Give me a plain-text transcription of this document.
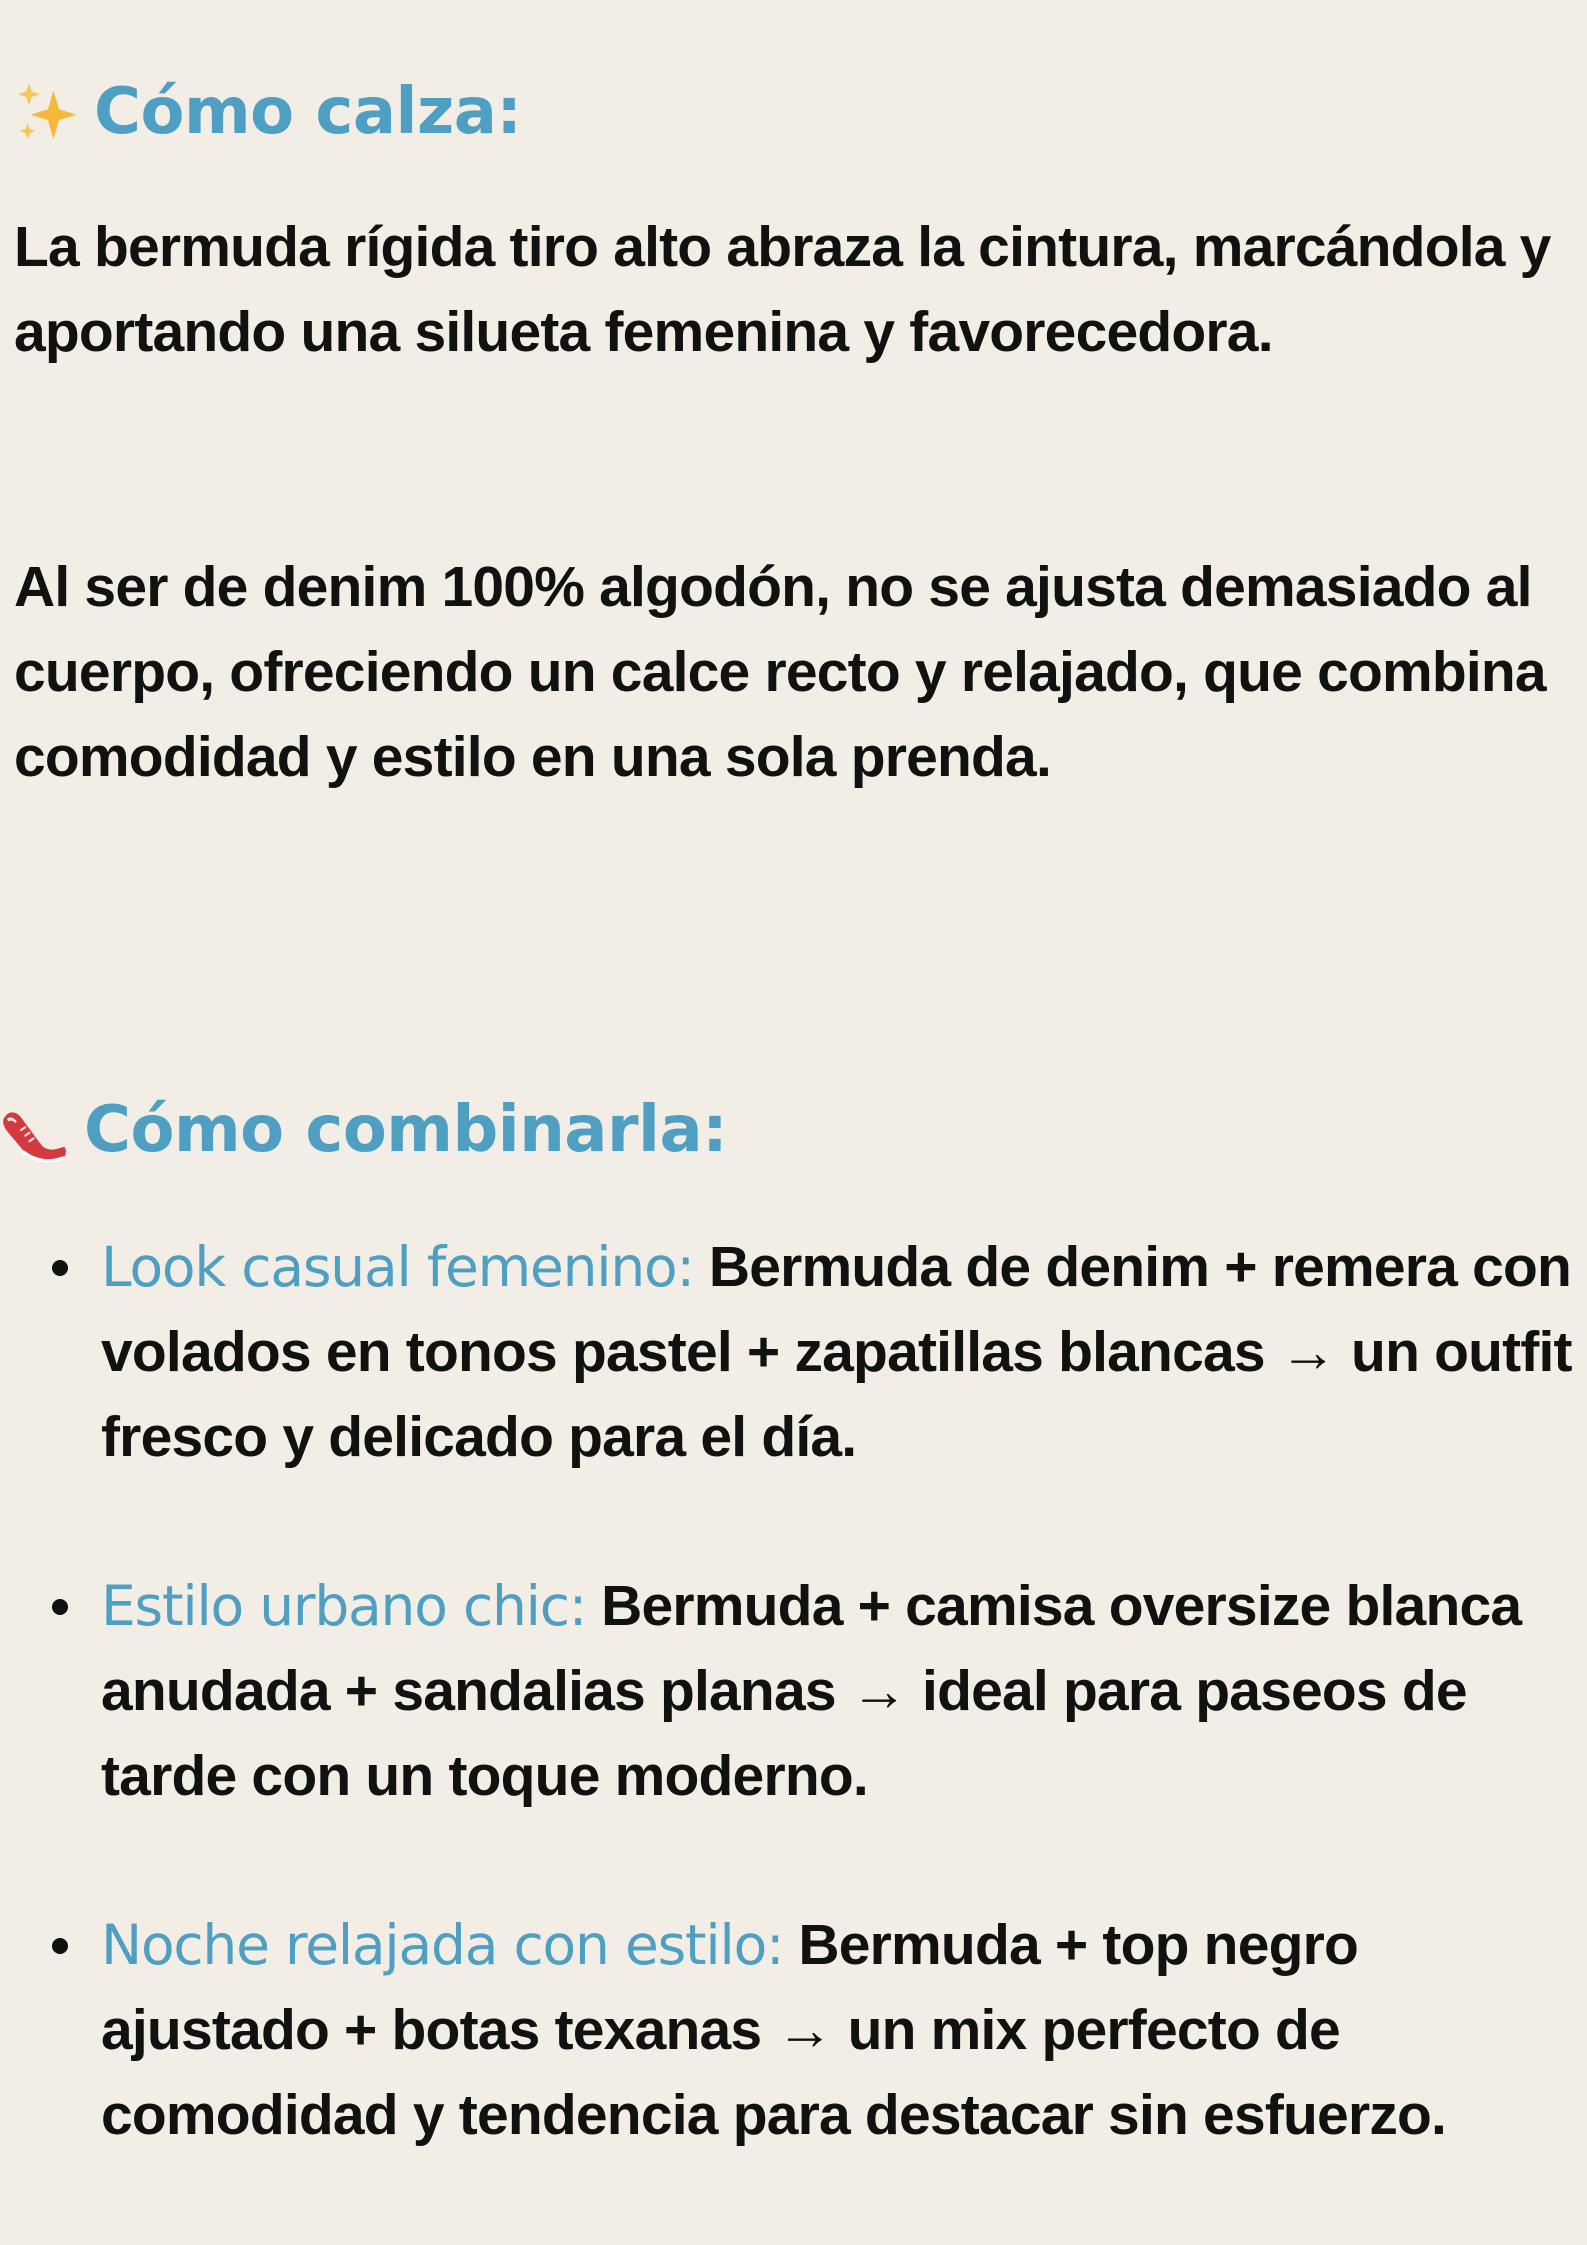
Cómo calza:

La bermuda rígida tiro alto abraza la cintura, marcándola y aportando una silueta femenina y favorecedora.

Al ser de denim 100% algodón, no se ajusta demasiado al cuerpo, ofreciendo un calce recto y relajado, que combina comodidad y estilo en una sola prenda.

Cómo combinarla:
Look casual femenino: Bermuda de denim + remera con volados en tonos pastel + zapatillas blancas → un outfit fresco y delicado para el día.
Estilo urbano chic: Bermuda + camisa oversize blanca anudada + sandalias planas → ideal para paseos de tarde con un toque moderno.
Noche relajada con estilo: Bermuda + top negro ajustado + botas texanas → un mix perfecto de comodidad y tendencia para destacar sin esfuerzo.
